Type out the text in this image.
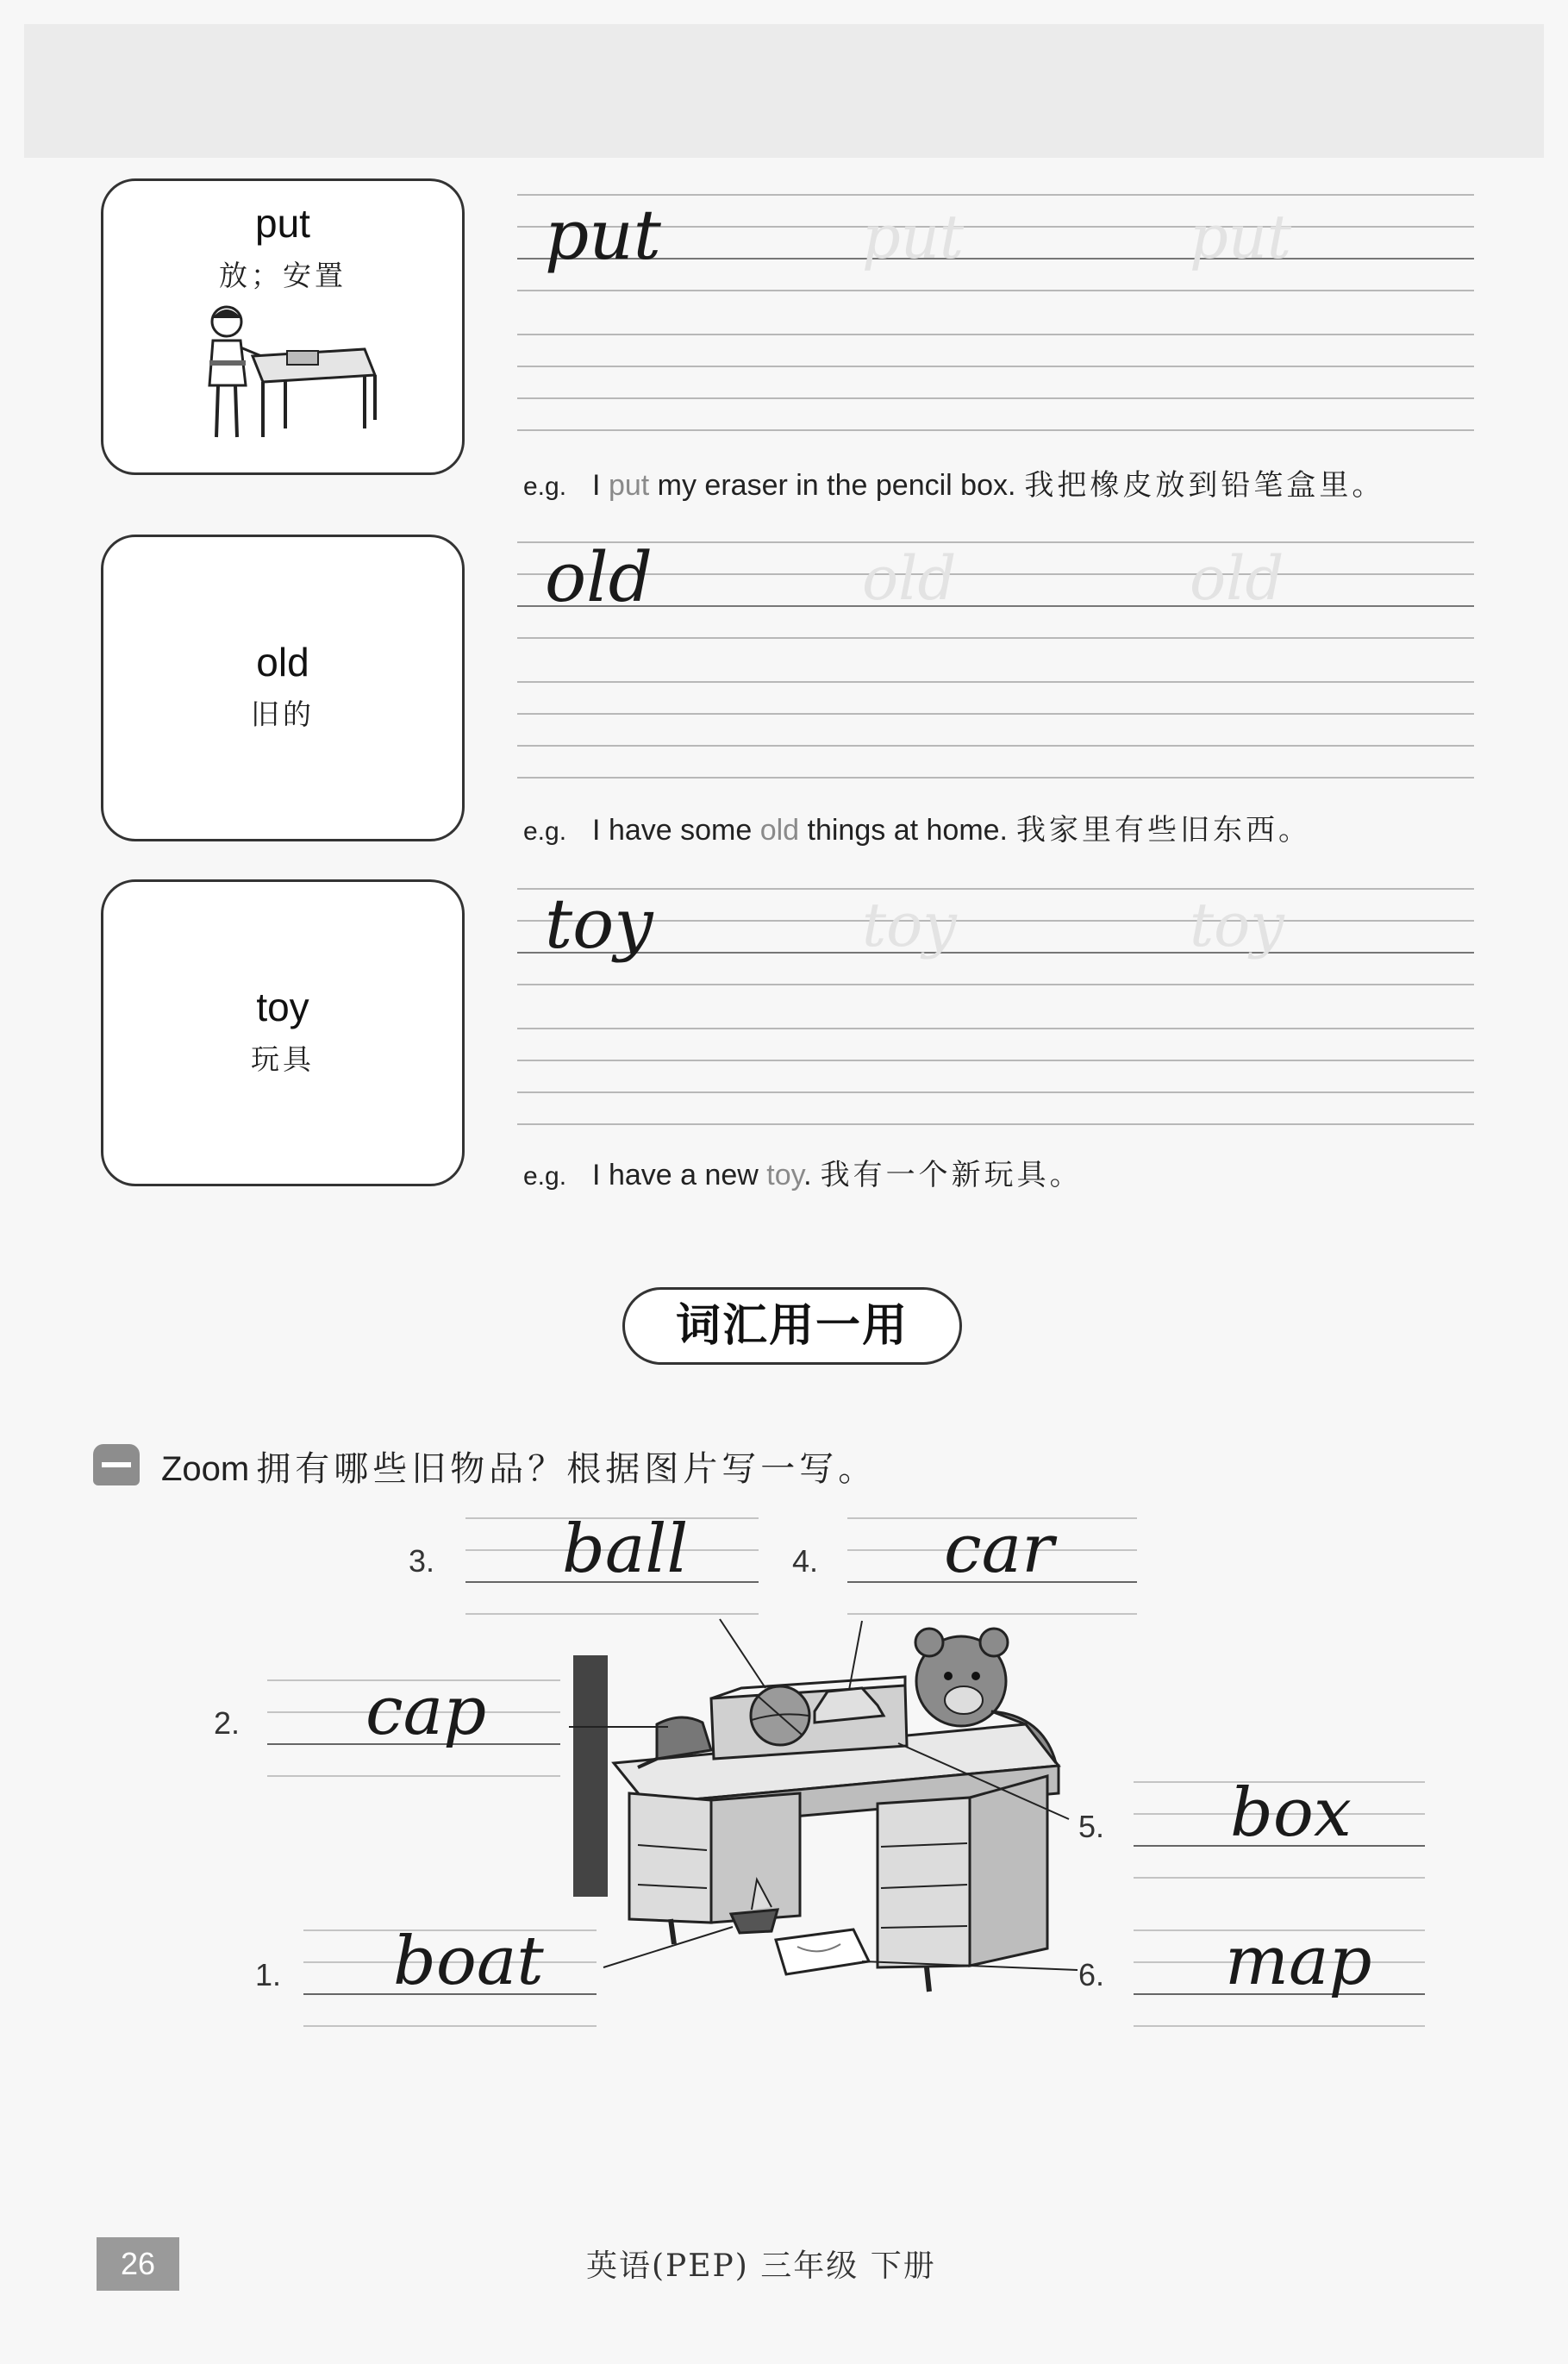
put
放；安置
put	put	put
e.g. I put my eraser in the pencil box. 我把橡皮放到铅笔盒里。
old
旧的
old	old	old
e.g. I have some old things at home. 我家里有些旧东西。
toy
玩具
toy	toy	toy
e.g. I have a new toy. 我有一个新玩具。
词汇用一用
Zoom 拥有哪些旧物品？根据图片写一写。
3. ball	4. car
2. cap
5. box
1. boat	6. map
26	英语(PEP) 三年级 下册
